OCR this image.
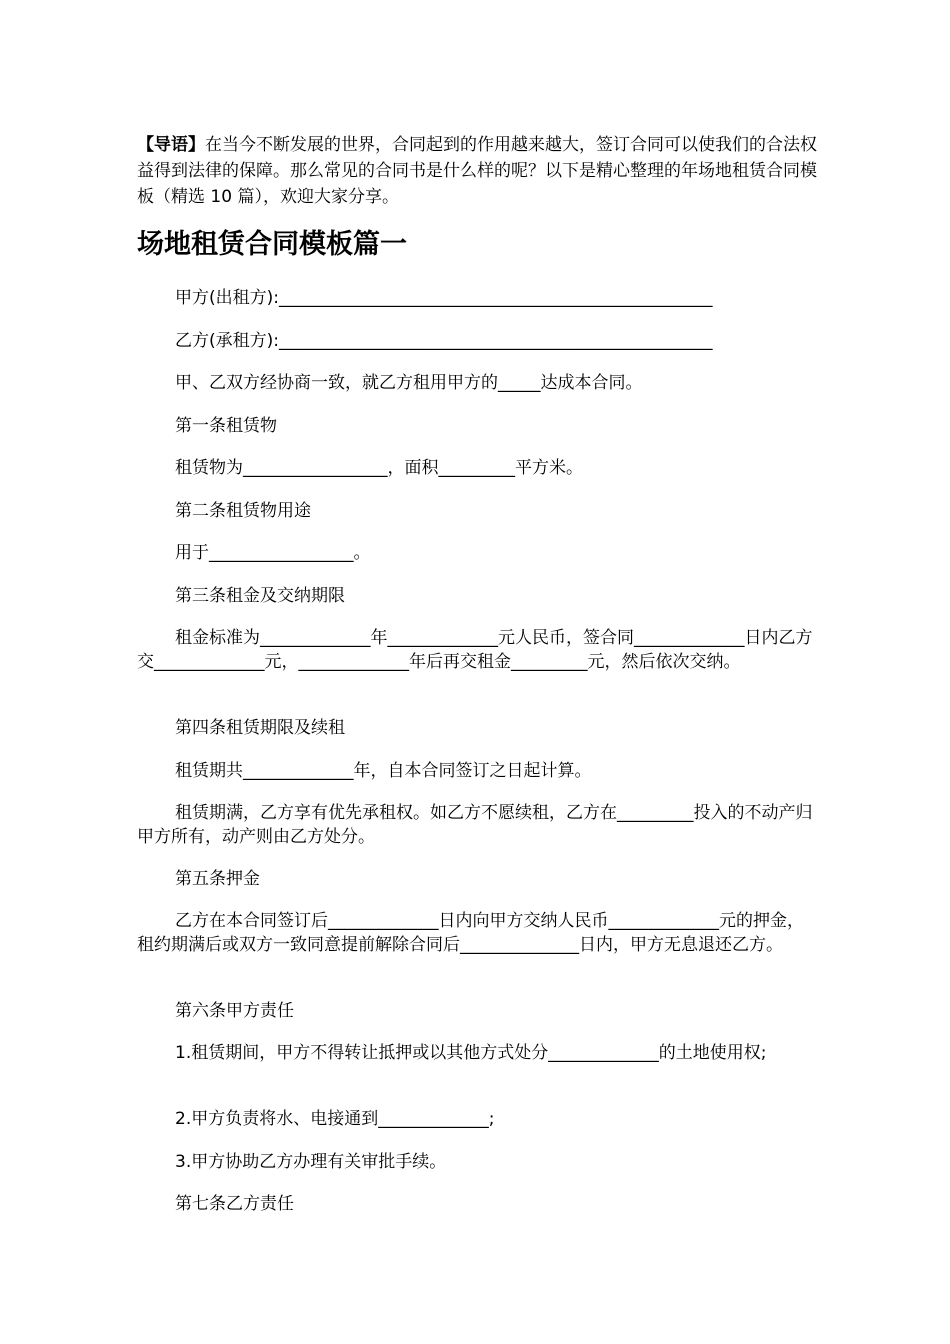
【导语】在当今不断发展的世界，合同起到的作用越来越大，签订合同可以使我们的合法权益得到法律的保障。那么常见的合同书是什么样的呢？以下是精心整理的年场地租赁合同模板（精选 10 篇），欢迎大家分享。

场地租赁合同模板篇一

甲方(出租方):___________________________________________________

乙方(承租方):___________________________________________________

甲、乙双方经协商一致，就乙方租用甲方的_____达成本合同。

第一条租赁物

租赁物为_________________，面积_________平方米。

第二条租赁物用途

用于_________________。

第三条租金及交纳期限

租金标准为_____________年_____________元人民币，签合同_____________日内乙方交_____________元，_____________年后再交租金_________元，然后依次交纳。

第四条租赁期限及续租

租赁期共_____________年，自本合同签订之日起计算。

租赁期满，乙方享有优先承租权。如乙方不愿续租，乙方在_________投入的不动产归甲方所有，动产则由乙方处分。

第五条押金

乙方在本合同签订后_____________日内向甲方交纳人民币_____________元的押金，租约期满后或双方一致同意提前解除合同后______________日内，甲方无息退还乙方。

第六条甲方责任

1.租赁期间，甲方不得转让抵押或以其他方式处分_____________的土地使用权;

2.甲方负责将水、电接通到_____________;

3.甲方协助乙方办理有关审批手续。

第七条乙方责任
